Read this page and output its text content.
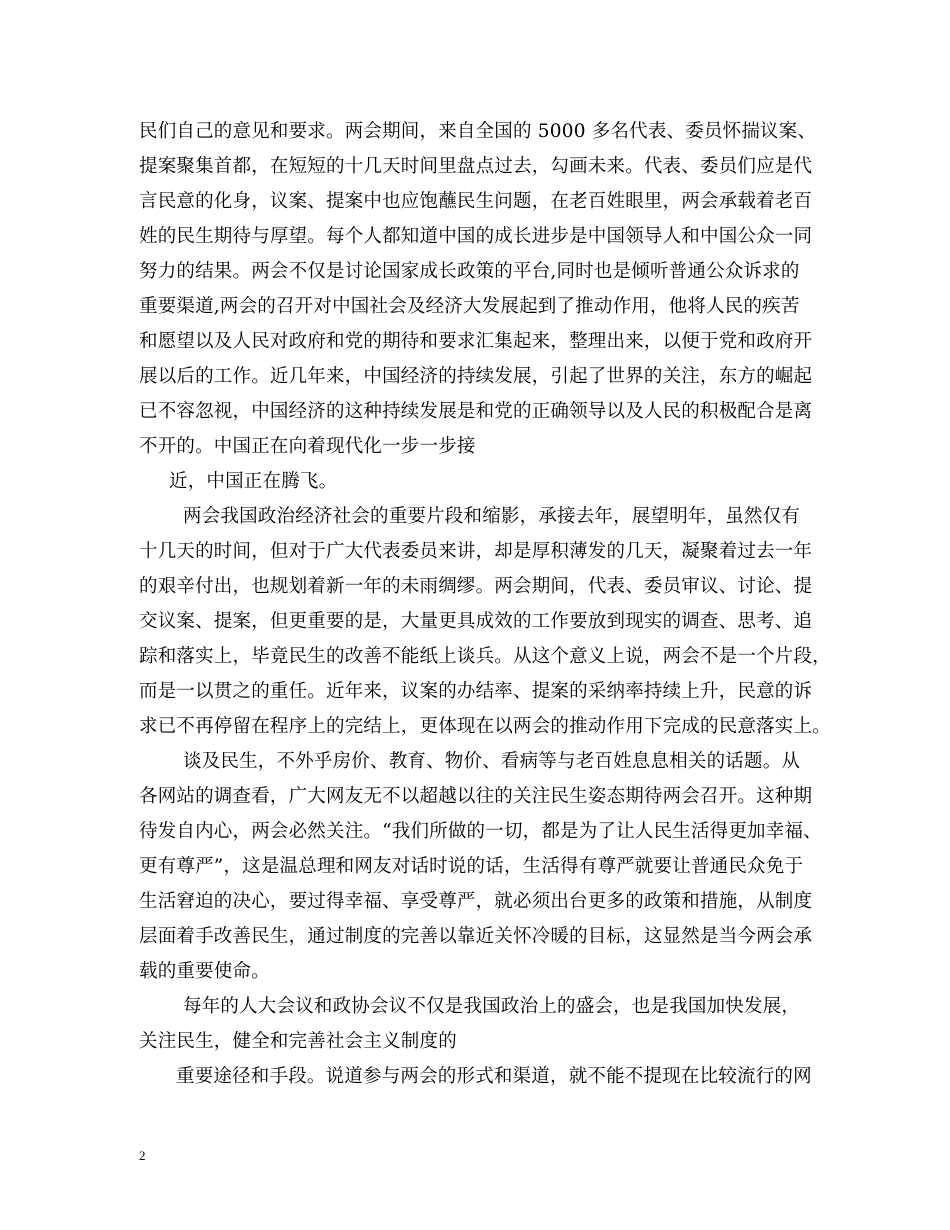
民们自己的意见和要求。两会期间，来自全国的 5000 多名代表、委员怀揣议案、
提案聚集首都，在短短的十几天时间里盘点过去，勾画未来。代表、委员们应是代
言民意的化身，议案、提案中也应饱蘸民生问题，在老百姓眼里，两会承载着老百
姓的民生期待与厚望。每个人都知道中国的成长进步是中国领导人和中国公众一同
努力的结果。两会不仅是讨论国家成长政策的平台,同时也是倾听普通公众诉求的
重要渠道,两会的召开对中国社会及经济大发展起到了推动作用，他将人民的疾苦
和愿望以及人民对政府和党的期待和要求汇集起来，整理出来，以便于党和政府开
展以后的工作。近几年来，中国经济的持续发展，引起了世界的关注，东方的崛起
已不容忽视，中国经济的这种持续发展是和党的正确领导以及人民的积极配合是离
不开的。中国正在向着现代化一步一步接
近，中国正在腾飞。
两会我国政治经济社会的重要片段和缩影，承接去年，展望明年，虽然仅有
十几天的时间，但对于广大代表委员来讲，却是厚积薄发的几天，凝聚着过去一年
的艰辛付出，也规划着新一年的未雨绸缪。两会期间，代表、委员审议、讨论、提
交议案、提案，但更重要的是，大量更具成效的工作要放到现实的调查、思考、追
踪和落实上，毕竟民生的改善不能纸上谈兵。从这个意义上说，两会不是一个片段，
而是一以贯之的重任。近年来，议案的办结率、提案的采纳率持续上升，民意的诉
求已不再停留在程序上的完结上，更体现在以两会的推动作用下完成的民意落实上。
谈及民生，不外乎房价、教育、物价、看病等与老百姓息息相关的话题。从
各网站的调查看，广大网友无不以超越以往的关注民生姿态期待两会召开。这种期
待发自内心，两会必然关注。“我们所做的一切，都是为了让人民生活得更加幸福、
更有尊严”，这是温总理和网友对话时说的话，生活得有尊严就要让普通民众免于
生活窘迫的决心，要过得幸福、享受尊严，就必须出台更多的政策和措施，从制度
层面着手改善民生，通过制度的完善以靠近关怀冷暖的目标，这显然是当今两会承
载的重要使命。
每年的人大会议和政协会议不仅是我国政治上的盛会，也是我国加快发展，
关注民生，健全和完善社会主义制度的
重要途径和手段。说道参与两会的形式和渠道，就不能不提现在比较流行的网
2
